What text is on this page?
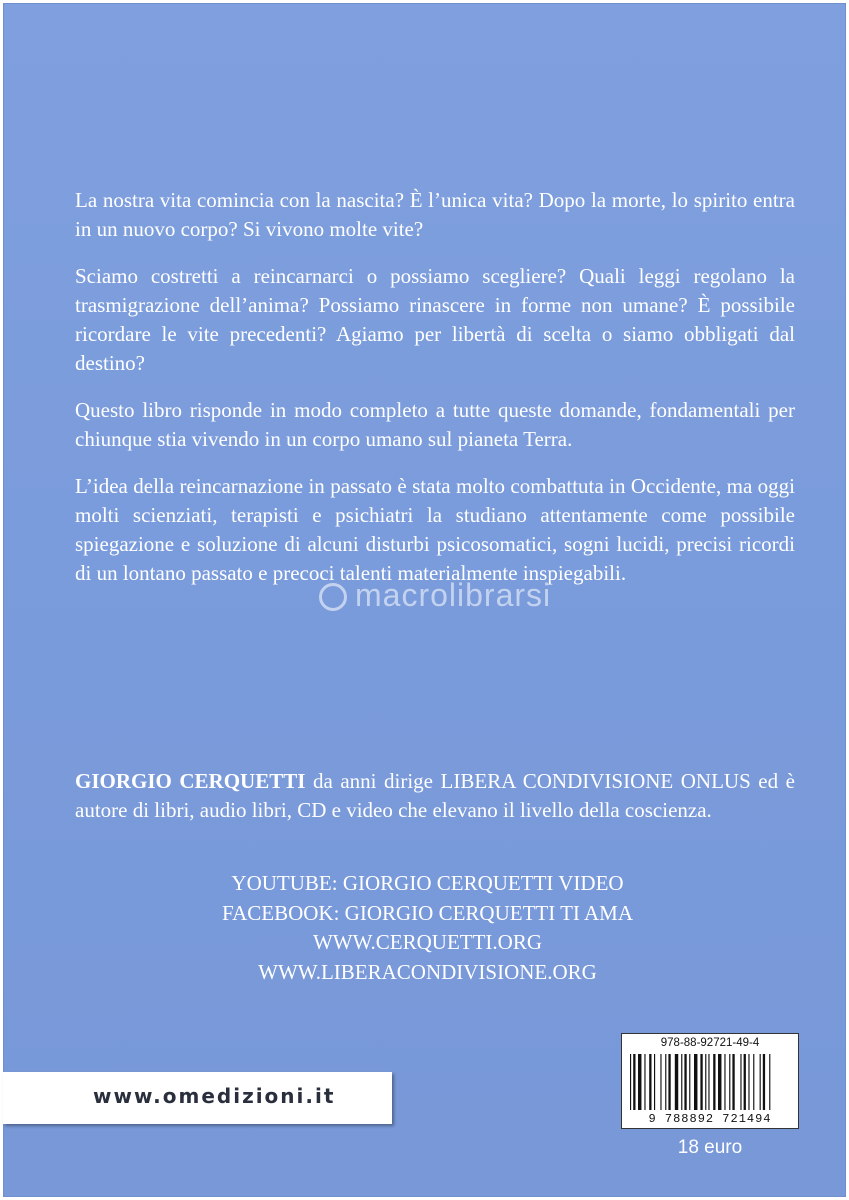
La nostra vita comincia con la nascita? È l’unica vita? Dopo la morte, lo spirito entra in un nuovo corpo? Si vivono molte vite?

Sciamo costretti a reincarnarci o possiamo scegliere? Quali leggi regolano la trasmigrazione dell’anima? Possiamo rinascere in forme non umane? È possibile ricordare le vite precedenti? Agiamo per libertà di scelta o siamo obbligati dal destino?

Questo libro risponde in modo completo a tutte queste domande, fondamentali per chiunque stia vivendo in un corpo umano sul pianeta Terra.

L’idea della reincarnazione in passato è stata molto combattuta in Occidente, ma oggi molti scienziati, terapisti e psichiatri la studiano attentamente come possibile spiegazione e soluzione di alcuni disturbi psicosomatici, sogni lucidi, precisi ricordi di un lontano passato e precoci talenti materialmente inspiegabili.

macrolibrarsi
GIORGIO CERQUETTI da anni dirige LIBERA CONDIVISIONE ONLUS ed è autore di libri, audio libri, CD e video che elevano il livello della coscienza.
YOUTUBE: GIORGIO CERQUETTI VIDEO
FACEBOOK: GIORGIO CERQUETTI TI AMA
WWW.CERQUETTI.ORG
WWW.LIBERACONDIVISIONE.ORG
978-88-92721-49-4
9 788892 721494
18 euro
www.omedizioni.it
